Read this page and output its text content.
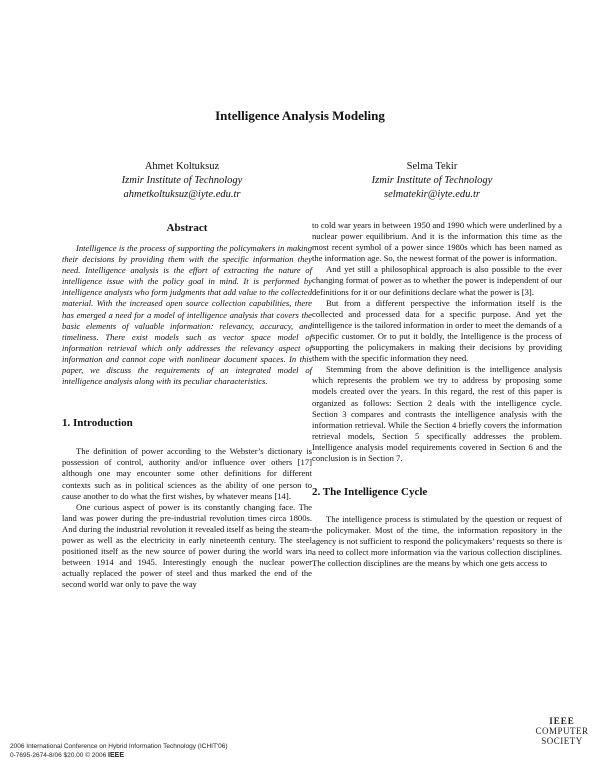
Intelligence Analysis Modeling
Ahmet Koltuksuz
Izmir Institute of Technology
ahmetkoltuksuz@iyte.edu.tr
Selma Tekir
Izmir Institute of Technology
selmatekir@iyte.edu.tr
Abstract

Intelligence is the process of supporting the policymakers in making their decisions by providing them with the specific information they need. Intelligence analysis is the effort of extracting the nature of intelligence issue with the policy goal in mind. It is performed by intelligence analysts who form judgments that add value to the collected material. With the increased open source collection capabilities, there has emerged a need for a model of intelligence analysis that covers the basic elements of valuable information: relevancy, accuracy, and timeliness. There exist models such as vector space model of information retrieval which only addresses the relevancy aspect of information and cannot cope with nonlinear document spaces. In this paper, we discuss the requirements of an integrated model of intelligence analysis along with its peculiar characteristics.

1. Introduction

The definition of power according to the Webster’s dictionary is possession of control, authority and/or influence over others [17] although one may encounter some other definitions for different contexts such as in political sciences as the ability of one person to cause another to do what the first wishes, by whatever means [14].

One curious aspect of power is its constantly changing face. The land was power during the pre-industrial revolution times circa 1800s. And during the industrial revolution it revealed itself as being the steam-power as well as the electricity in early nineteenth century. The steel positioned itself as the new source of power during the world wars in between 1914 and 1945. Interestingly enough the nuclear power actually replaced the power of steel and thus marked the end of the second world war only to pave the way

to cold war years in between 1950 and 1990 which were underlined by a nuclear power equilibrium. And it is the information this time as the most recent symbol of a power since 1980s which has been named as the information age. So, the newest format of the power is information.

And yet still a philosophical approach is also possible to the ever changing format of power as to whether the power is independent of our definitions for it or our definitions declare what the power is [3].

But from a different perspective the information itself is the collected and processed data for a specific purpose. And yet the intelligence is the tailored information in order to meet the demands of a specific customer. Or to put it boldly, the Intelligence is the process of supporting the policymakers in making their decisions by providing them with the specific information they need.

Stemming from the above definition is the intelligence analysis which represents the problem we try to address by proposing some models created over the years. In this regard, the rest of this paper is organized as follows: Section 2 deals with the intelligence cycle. Section 3 compares and contrasts the intelligence analysis with the information retrieval. While the Section 4 briefly covers the information retrieval models, Section 5 specifically addresses the problem. Intelligence analysis model requirements covered in Section 6 and the conclusion is in Section 7.

2. The Intelligence Cycle

The intelligence process is stimulated by the question or request of the policymaker. Most of the time, the information repository in the agency is not sufficient to respond the policymakers’ requests so there is a need to collect more information via the various collection disciplines. The collection disciplines are the means by which one gets access to

2006 International Conference on Hybrid Information Technology (ICHIT'06)
0-7695-2674-8/06 $20.00 © 2006 IEEE
IEEE
COMPUTER
SOCIETY
